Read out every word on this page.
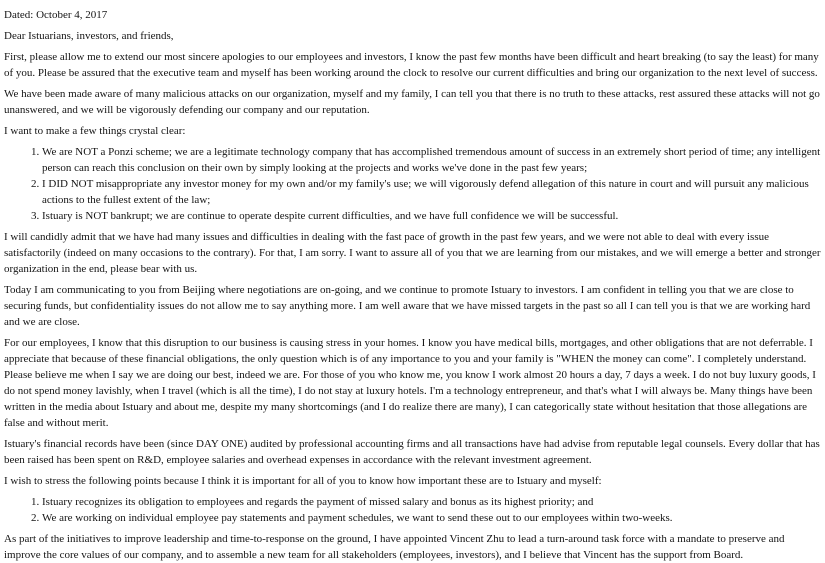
Dated: October 4, 2017

Dear Istuarians, investors, and friends,

First, please allow me to extend our most sincere apologies to our employees and investors, I know the past few months have been difficult and heart breaking (to say the least) for many of you. Please be assured that the executive team and myself has been working around the clock to resolve our current difficulties and bring our organization to the next level of success.

We have been made aware of many malicious attacks on our organization, myself and my family, I can tell you that there is no truth to these attacks, rest assured these attacks will not go unanswered, and we will be vigorously defending our company and our reputation.

I want to make a few things crystal clear:

1. We are NOT a Ponzi scheme; we are a legitimate technology company that has accomplished tremendous amount of success in an extremely short period of time; any intelligent person can reach this conclusion on their own by simply looking at the projects and works we've done in the past few years;
2. I DID NOT misappropriate any investor money for my own and/or my family's use; we will vigorously defend allegation of this nature in court and will pursuit any malicious actions to the fullest extent of the law;
3. Istuary is NOT bankrupt; we are continue to operate despite current difficulties, and we have full confidence we will be successful.

I will candidly admit that we have had many issues and difficulties in dealing with the fast pace of growth in the past few years, and we were not able to deal with every issue satisfactorily (indeed on many occasions to the contrary). For that, I am sorry. I want to assure all of you that we are learning from our mistakes, and we will emerge a better and stronger organization in the end, please bear with us.

Today I am communicating to you from Beijing where negotiations are on-going, and we continue to promote Istuary to investors. I am confident in telling you that we are close to securing funds, but confidentiality issues do not allow me to say anything more. I am well aware that we have missed targets in the past so all I can tell you is that we are working hard and we are close.

For our employees, I know that this disruption to our business is causing stress in your homes. I know you have medical bills, mortgages, and other obligations that are not deferrable. I appreciate that because of these financial obligations, the only question which is of any importance to you and your family is "WHEN the money can come". I completely understand. Please believe me when I say we are doing our best, indeed we are. For those of you who know me, you know I work almost 20 hours a day, 7 days a week. I do not buy luxury goods, I do not spend money lavishly, when I travel (which is all the time), I do not stay at luxury hotels. I'm a technology entrepreneur, and that's what I will always be. Many things have been written in the media about Istuary and about me, despite my many shortcomings (and I do realize there are many), I can categorically state without hesitation that those allegations are false and without merit.

Istuary's financial records have been (since DAY ONE) audited by professional accounting firms and all transactions have had advise from reputable legal counsels. Every dollar that has been raised has been spent on R&D, employee salaries and overhead expenses in accordance with the relevant investment agreement.

I wish to stress the following points because I think it is important for all of you to know how important these are to Istuary and myself:

1. Istuary recognizes its obligation to employees and regards the payment of missed salary and bonus as its highest priority; and
2. We are working on individual employee pay statements and payment schedules, we want to send these out to our employees within two-weeks.

As part of the initiatives to improve leadership and time-to-response on the ground, I have appointed Vincent Zhu to lead a turn-around task force with a mandate to preserve and improve the core values of our company, and to assemble a new team for all stakeholders (employees, investors), and I believe that Vincent has the support from Board.
